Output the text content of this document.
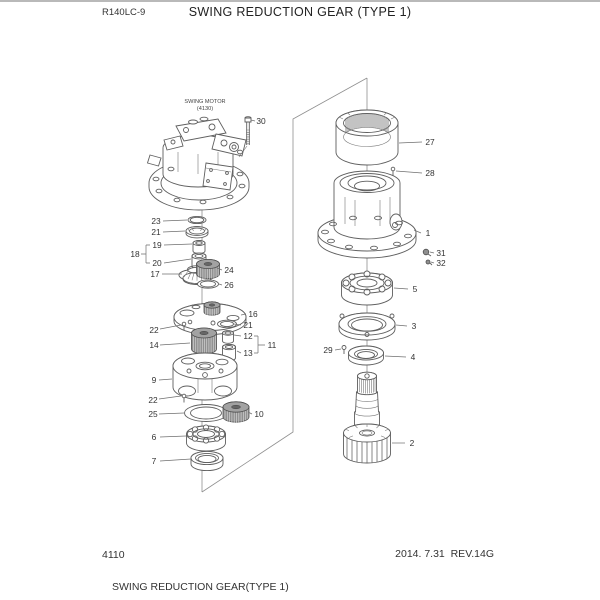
R140LC-9	SWING REDUCTION GEAR (TYPE 1)
SWING MOTOR
(4130)
30
27
28
1
31
32
5
3
29
4
2
23
21
19
18
20
17	24
26
16
22	21
12
11
13
14
9
22
25	10
6
7
4110	2014. 7.31  REV.14G
SWING REDUCTION GEAR(TYPE 1)
